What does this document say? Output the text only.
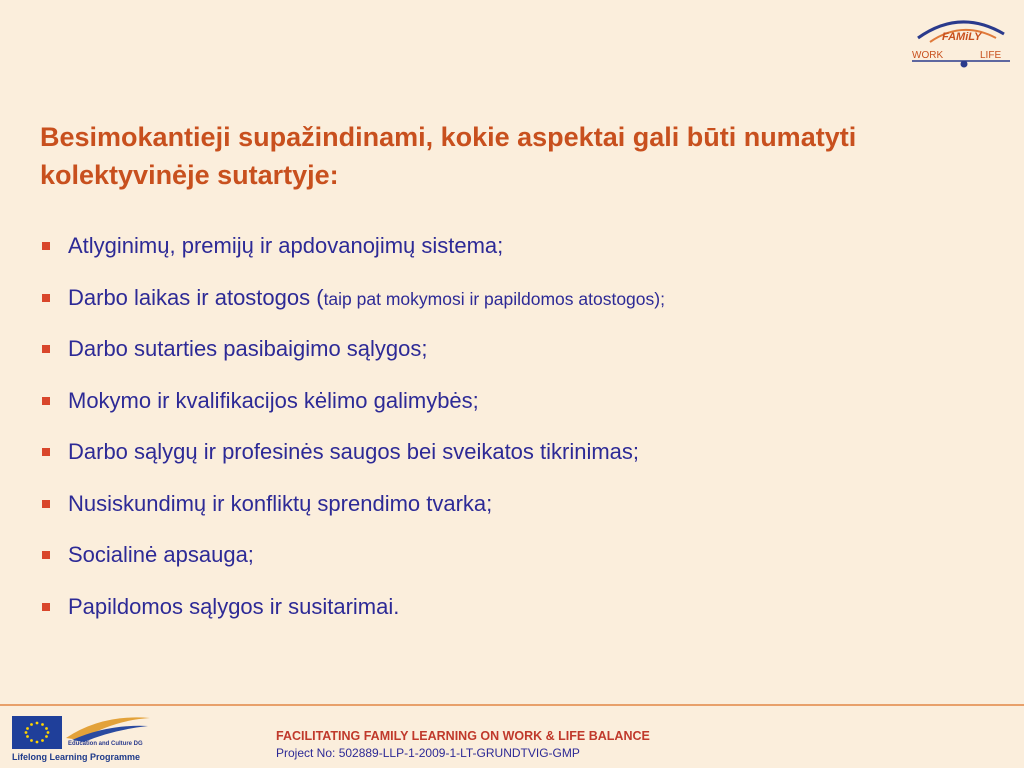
FAMiLY
WORK	LIFE
Besimokantieji supažindinami, kokie aspektai gali būti numatyti kolektyvinėje sutartyje:
Atlyginimų, premijų ir apdovanojimų sistema;
Darbo laikas ir atostogos (taip pat mokymosi ir papildomos atostogos);
Darbo sutarties pasibaigimo sąlygos;
Mokymo ir kvalifikacijos kėlimo galimybės;
Darbo sąlygų ir profesinės saugos bei sveikatos tikrinimas;
Nusiskundimų ir konfliktų sprendimo tvarka;
Socialinė apsauga;
Papildomos sąlygos ir susitarimai.
Education and Culture DG
Lifelong Learning Programme
FACILITATING FAMILY LEARNING ON WORK & LIFE BALANCE
Project No: 502889-LLP-1-2009-1-LT-GRUNDTVIG-GMP
